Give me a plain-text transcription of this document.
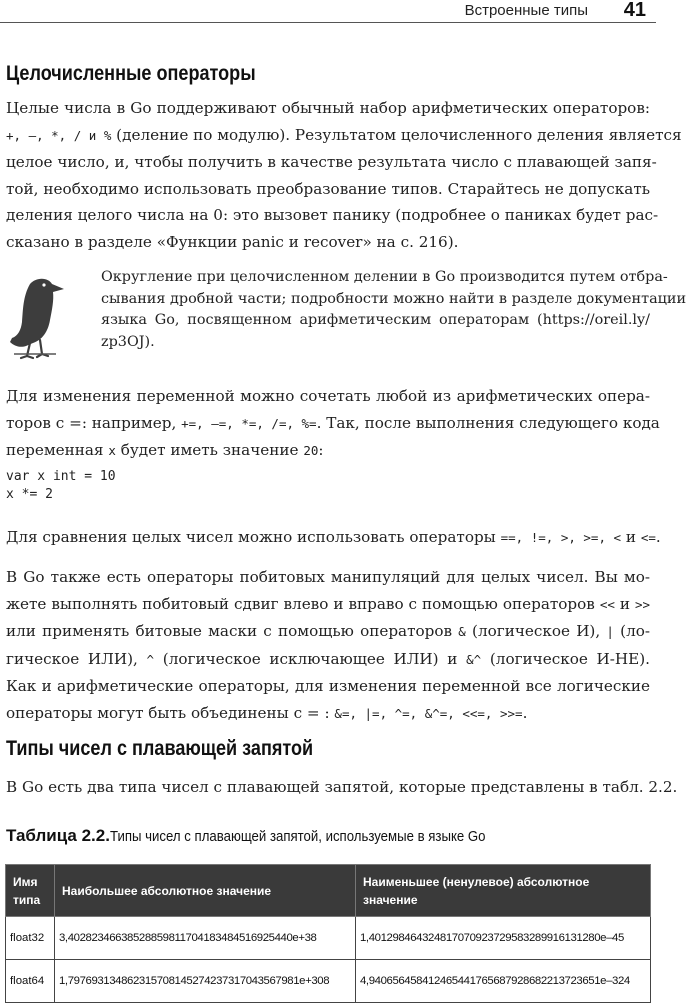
Встроенные типы 41
Целочисленные операторы
Целые числа в Go поддерживают обычный набор арифметических операторов:
+, –, *, / и % (деление по модулю). Результатом целочисленного деления является
целое число, и, чтобы получить в качестве результата число с плавающей запя-
той, необходимо использовать преобразование типов. Старайтесь не допускать
деления целого числа на 0: это вызовет панику (подробнее о паниках будет рас-
сказано в разделе «Функции panic и recover» на с. 216).
Округление при целочисленном делении в Go производится путем отбра-
сывания дробной части; подробности можно найти в разделе документации
языка Go, посвященном арифметическим операторам (https://oreil.ly/
zp3OJ).
Для изменения переменной можно сочетать любой из арифметических опера-
торов с =: например, +=, –=, *=, /=, %=. Так, после выполнения следующего кода
переменная x будет иметь значение 20:
var x int = 10
x *= 2
Для сравнения целых чисел можно использовать операторы ==, !=, >, >=, < и <=.
В Go также есть операторы побитовых манипуляций для целых чисел. Вы мо-
жете выполнять побитовый сдвиг влево и вправо с помощью операторов << и >>
или применять битовые маски с помощью операторов & (логическое И), | (ло-
гическое ИЛИ), ^ (логическое исключающее ИЛИ) и &^ (логическое И-НЕ).
Как и арифметические операторы, для изменения переменной все логические
операторы могут быть объединены с = : &=, |=, ^=, &^=, <<=, >>=.
Типы чисел с плавающей запятой
В Go есть два типа чисел с плавающей запятой, которые представлены в табл. 2.2.
Таблица 2.2.Типы чисел с плавающей запятой, используемые в языке Go
Имя типа	Наибольшее абсолютное значение	Наименьшее (ненулевое) абсолютное значение
float32	3,40282346638528859811704183484516925440e+38	1,401298464324817070923729583289916131280e–45
float64	1,797693134862315708145274237317043567981e+308	4,940656458412465441765687928682213723651e–324
